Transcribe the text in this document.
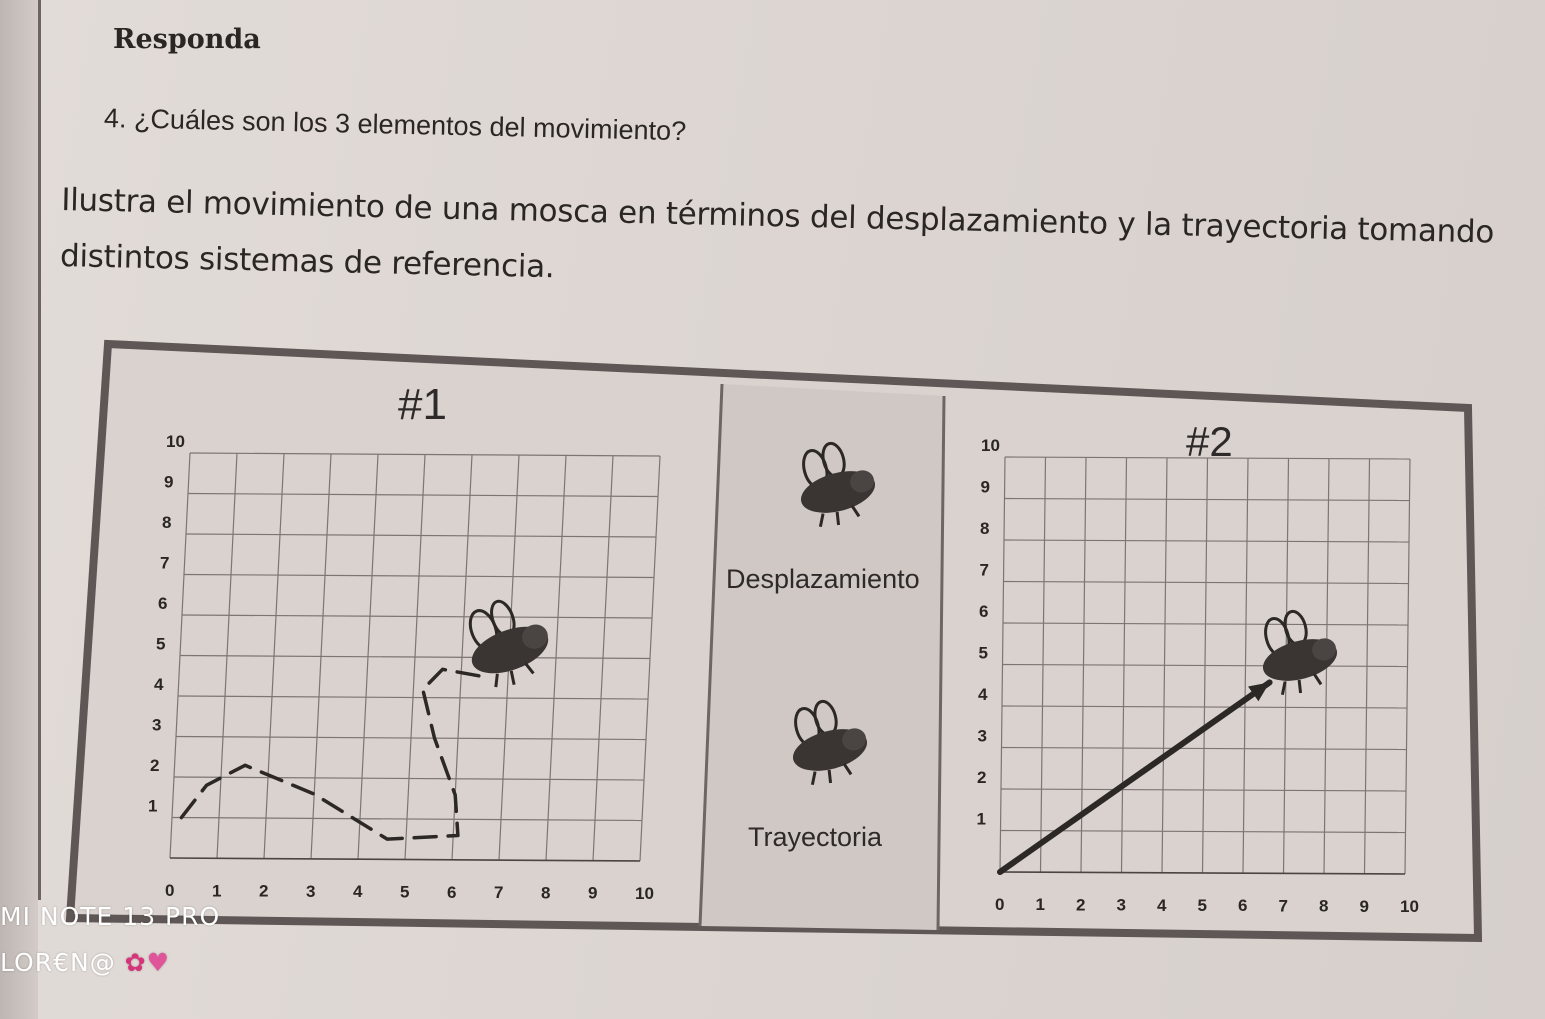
Responda
4. ¿Cuáles son los 3 elementos del movimiento?
Ilustra el movimiento de una mosca en términos del desplazamiento y la trayectoria tomando distintos sistemas de referencia.
0 1 2 3 4 5 6 7 8 9 10
1
2
3
4
5
6
7
8
9
10
0 1 2 3 4 5 6 7 8 9 10
1
2
3
4
5
6
7
8
9
10
#1
#2
Desplazamiento
Trayectoria
MI NOTE 13 PRO
LOR€N@ ✿♥
